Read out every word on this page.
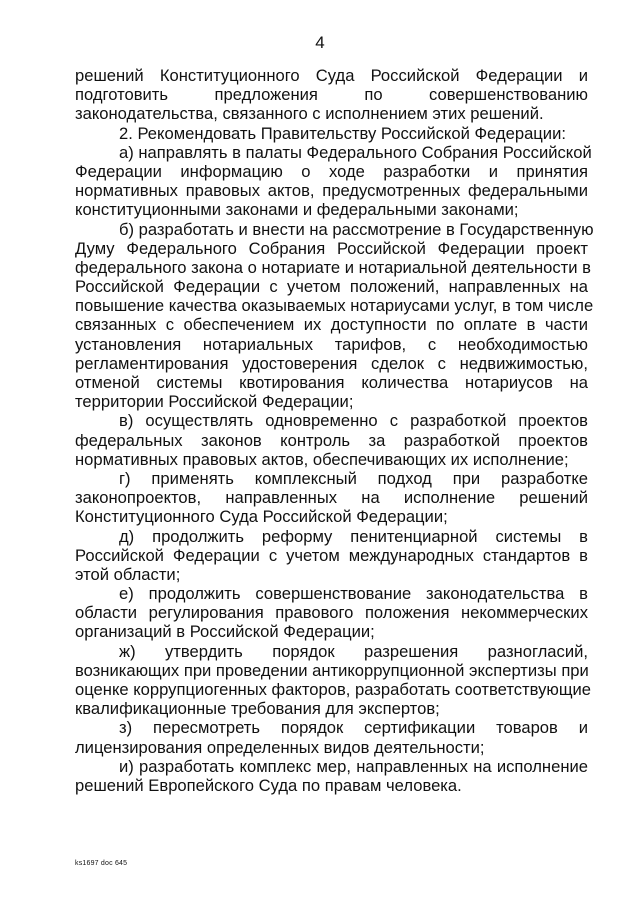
4
решений Конституционного Суда Российской Федерации и
подготовить предложения по совершенствованию
законодательства, связанного с исполнением этих решений.
2. Рекомендовать Правительству Российской Федерации:
а) направлять в палаты Федерального Собрания Российской
Федерации информацию о ходе разработки и принятия
нормативных правовых актов, предусмотренных федеральными
конституционными законами и федеральными законами;
б) разработать и внести на рассмотрение в Государственную
Думу Федерального Собрания Российской Федерации проект
федерального закона о нотариате и нотариальной деятельности в
Российской Федерации с учетом положений, направленных на
повышение качества оказываемых нотариусами услуг, в том числе
связанных с обеспечением их доступности по оплате в части
установления нотариальных тарифов, с необходимостью
регламентирования удостоверения сделок с недвижимостью,
отменой системы квотирования количества нотариусов на
территории Российской Федерации;
в) осуществлять одновременно с разработкой проектов
федеральных законов контроль за разработкой проектов
нормативных правовых актов, обеспечивающих их исполнение;
г) применять комплексный подход при разработке
законопроектов, направленных на исполнение решений
Конституционного Суда Российской Федерации;
д) продолжить реформу пенитенциарной системы в
Российской Федерации с учетом международных стандартов в
этой области;
е) продолжить совершенствование законодательства в
области регулирования правового положения некоммерческих
организаций в Российской Федерации;
ж) утвердить порядок разрешения разногласий,
возникающих при проведении антикоррупционной экспертизы при
оценке коррупциогенных факторов, разработать соответствующие
квалификационные требования для экспертов;
з) пересмотреть порядок сертификации товаров и
лицензирования определенных видов деятельности;
и) разработать комплекс мер, направленных на исполнение
решений Европейского Суда по правам человека.
ks1697 doc 645
